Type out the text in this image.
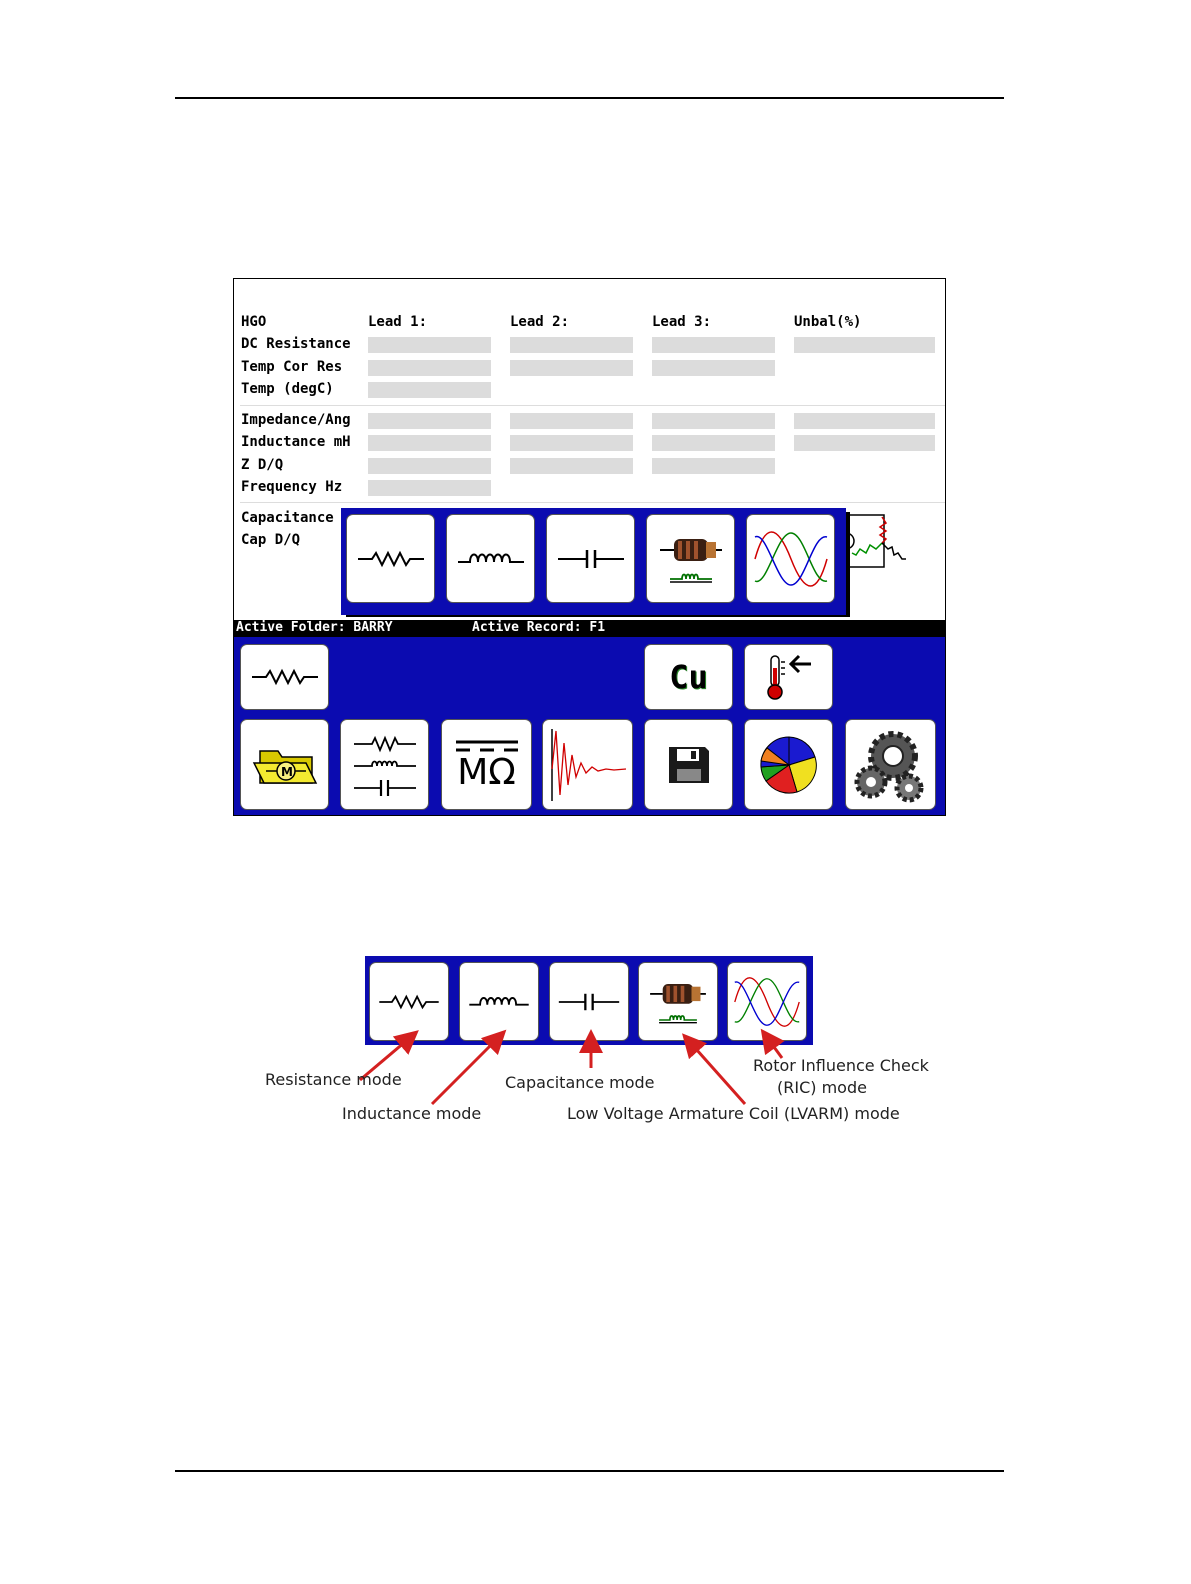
HGO	Lead 1:	Lead 2:	Lead 3:	Unbal(%)
DC Resistance
Temp Cor Res
Temp (degC)
Impedance/Ang
Inductance mH
Z D/Q
Frequency Hz
Capacitance
Cap D/Q
Active Folder: BARRY	Active Record: F1
Cu
M	MΩ
Resistance mode
Inductance mode
Capacitance mode
Low Voltage Armature Coil (LVARM) mode
Rotor Influence Check
(RIC) mode
